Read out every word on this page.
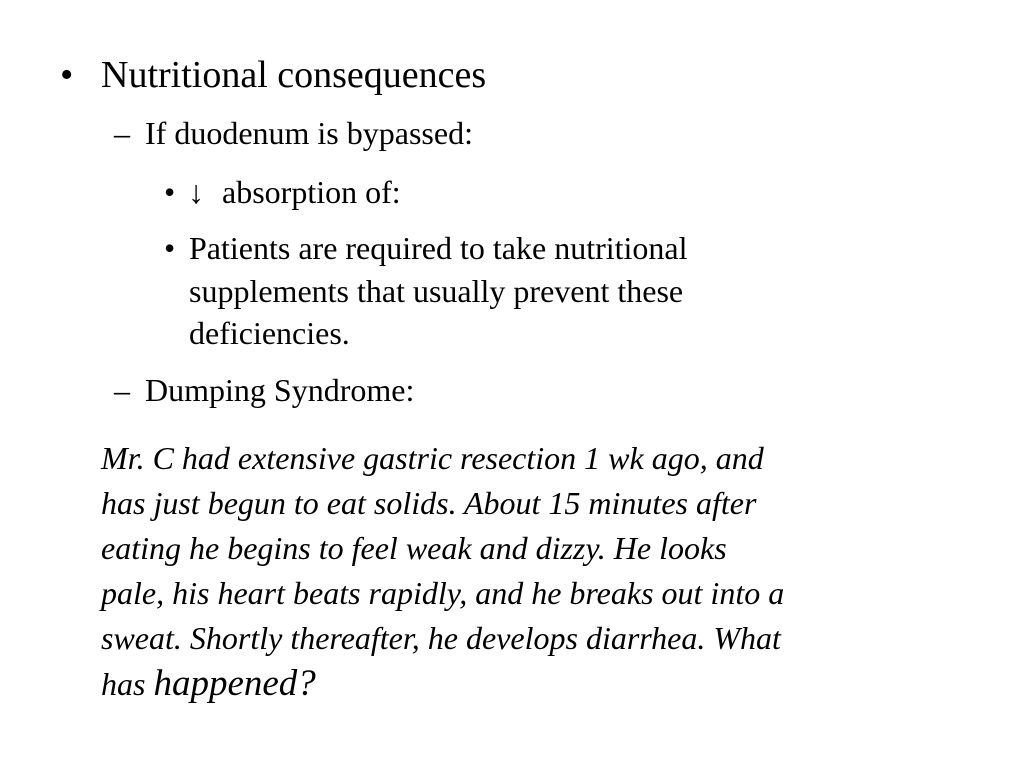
• Nutritional consequences
– If duodenum is bypassed:
• ↓ absorption of:
• Patients are required to take nutritional
supplements that usually prevent these
deficiencies.
– Dumping Syndrome:
Mr. C had extensive gastric resection 1 wk ago, and
has just begun to eat solids. About 15 minutes after
eating he begins to feel weak and dizzy. He looks
pale, his heart beats rapidly, and he breaks out into a
sweat. Shortly thereafter, he develops diarrhea. What
has happened?
